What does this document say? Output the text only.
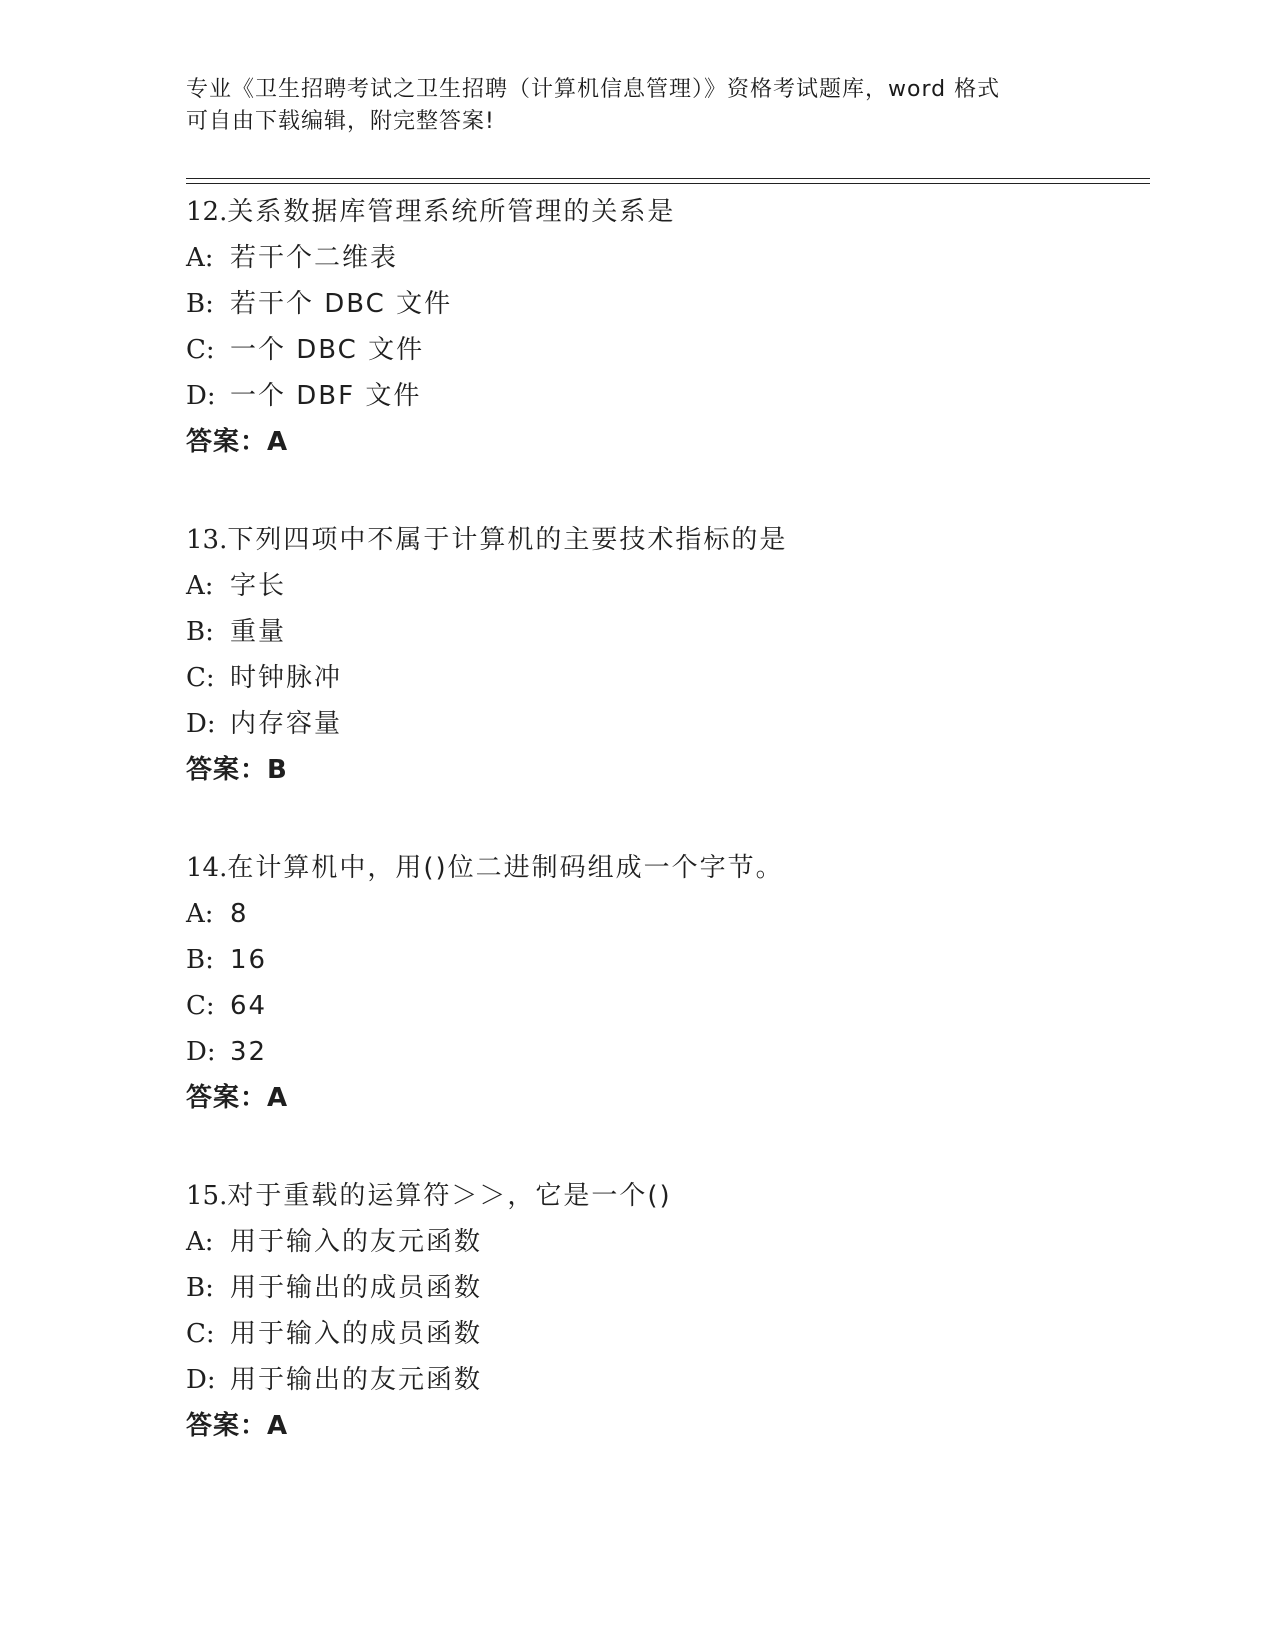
专业《卫生招聘考试之卫生招聘（计算机信息管理）》资格考试题库，word 格式
可自由下载编辑，附完整答案!
12.关系数据库管理系统所管理的关系是
A: 若干个二维表
B: 若干个 DBC 文件
C: 一个 DBC 文件
D: 一个 DBF 文件
答案：A
13.下列四项中不属于计算机的主要技术指标的是
A: 字长
B: 重量
C: 时钟脉冲
D: 内存容量
答案：B
14.在计算机中，用()位二进制码组成一个字节。
A: 8
B: 16
C: 64
D: 32
答案：A
15.对于重载的运算符＞＞，它是一个()
A: 用于输入的友元函数
B: 用于输出的成员函数
C: 用于输入的成员函数
D: 用于输出的友元函数
答案：A
